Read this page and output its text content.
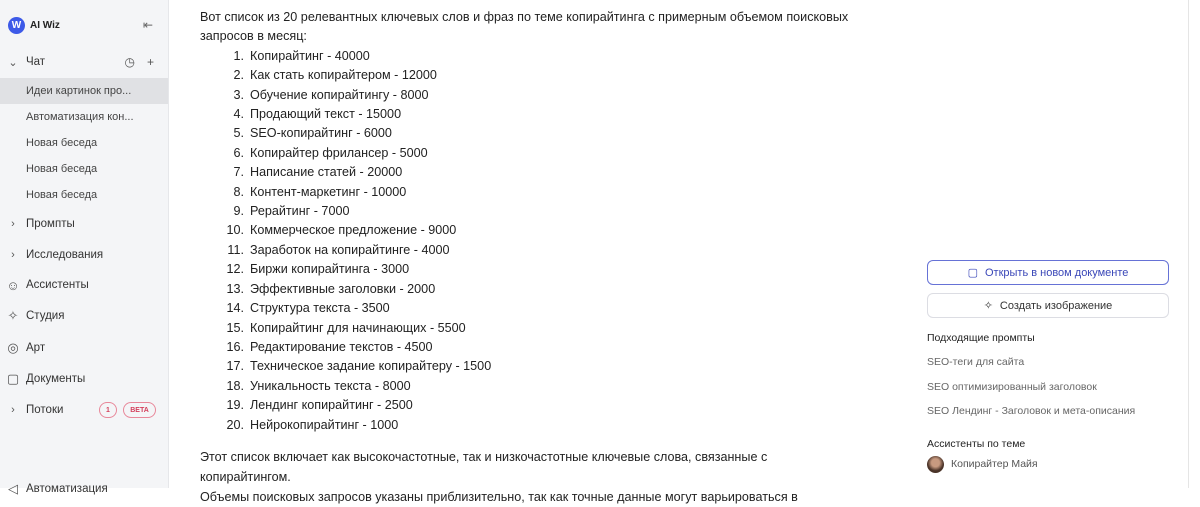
W AI Wiz	⇤
⌄ Чат	◷ +
Идеи картинок про...
Автоматизация кон...
Новая беседа
Новая беседа
Новая беседа
› Промпты
› Исследования
☺ Ассистенты
✧ Студия
◎ Арт
▢ Документы
› Потоки	1	BETA
◁ Автоматизация

Вот список из 20 релевантных ключевых слов и фраз по теме копирайтинга с примерным объемом поисковых запросов в месяц:

1. Копирайтинг - 40000
2. Как стать копирайтером - 12000
3. Обучение копирайтингу - 8000
4. Продающий текст - 15000
5. SEO-копирайтинг - 6000
6. Копирайтер фрилансер - 5000
7. Написание статей - 20000
8. Контент-маркетинг - 10000
9. Рерайтинг - 7000
10. Коммерческое предложение - 9000
11. Заработок на копирайтинге - 4000
12. Биржи копирайтинга - 3000
13. Эффективные заголовки - 2000
14. Структура текста - 3500
15. Копирайтинг для начинающих - 5500
16. Редактирование текстов - 4500
17. Техническое задание копирайтеру - 1500
18. Уникальность текста - 8000
19. Лендинг копирайтинг - 2500
20. Нейрокопирайтинг - 1000

Этот список включает как высокочастотные, так и низкочастотные ключевые слова, связанные с копирайтингом.
Объемы поисковых запросов указаны приблизительно, так как точные данные могут варьироваться в

▢ Открыть в новом документе
✧ Создать изображение
Подходящие промпты
SEO-теги для сайта
SEO оптимизированный заголовок
SEO Лендинг - Заголовок и мета-описания
Ассистенты по теме
Копирайтер Майя
